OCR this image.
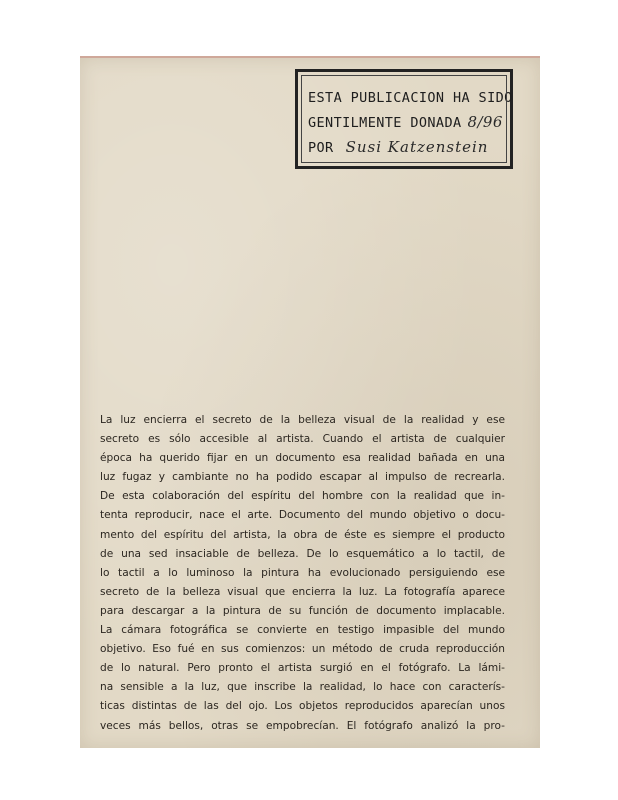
ESTA PUBLICACION HA SIDO
GENTILMENTE DONADA 8/96
POR Susi Katzenstein
La luz encierra el secreto de la belleza visual de la realidad y ese
secreto es sólo accesible al artista. Cuando el artista de cualquier
época ha querido fijar en un documento esa realidad bañada en una
luz fugaz y cambiante no ha podido escapar al impulso de recrearla.
De esta colaboración del espíritu del hombre con la realidad que in-
tenta reproducir, nace el arte. Documento del mundo objetivo o docu-
mento del espíritu del artista, la obra de éste es siempre el producto
de una sed insaciable de belleza. De lo esquemático a lo tactil, de
lo tactil a lo luminoso la pintura ha evolucionado persiguiendo ese
secreto de la belleza visual que encierra la luz. La fotografía aparece
para descargar a la pintura de su función de documento implacable.
La cámara fotográfica se convierte en testigo impasible del mundo
objetivo. Eso fué en sus comienzos: un método de cruda reproducción
de lo natural. Pero pronto el artista surgió en el fotógrafo. La lámi-
na sensible a la luz, que inscribe la realidad, lo hace con caracterís-
ticas distintas de las del ojo. Los objetos reproducidos aparecían unos
veces más bellos, otras se empobrecían. El fotógrafo analizó la pro-
